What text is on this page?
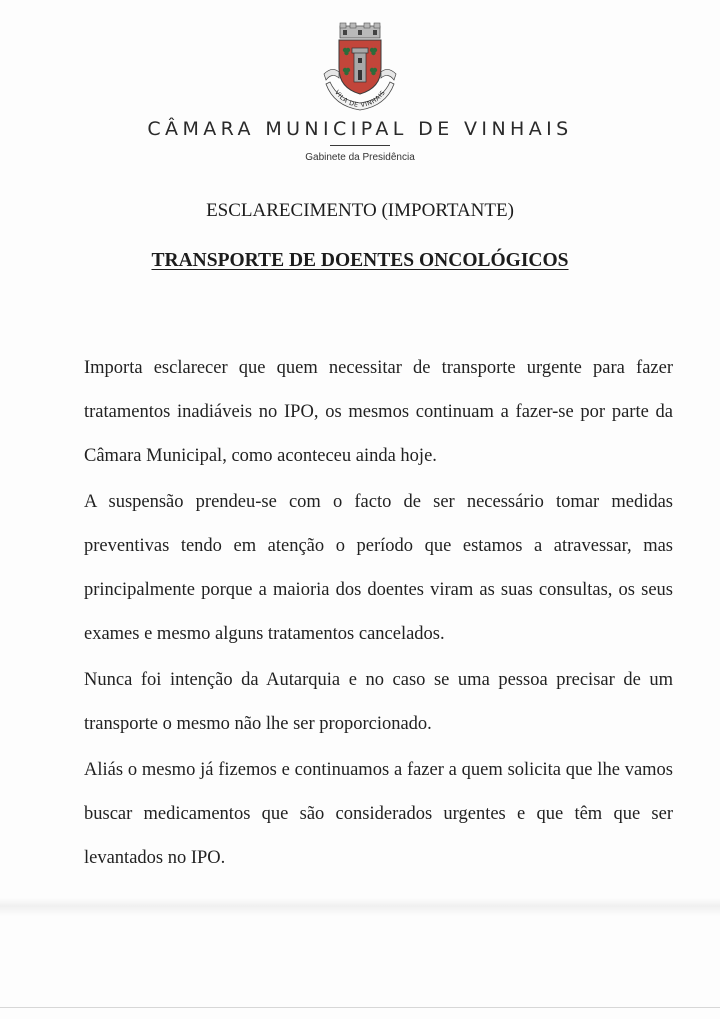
VILA DE VINHAIS
CÂMARA MUNICIPAL DE VINHAIS
Gabinete da Presidência
ESCLARECIMENTO (IMPORTANTE)
TRANSPORTE DE DOENTES ONCOLÓGICOS

Importa esclarecer que quem necessitar de transporte urgente para fazer tratamentos inadiáveis no IPO, os mesmos continuam a fazer-se por parte da Câmara Municipal, como aconteceu ainda hoje.

A suspensão prendeu-se com o facto de ser necessário tomar medidas preventivas tendo em atenção o período que estamos a atravessar, mas principalmente porque a maioria dos doentes viram as suas consultas, os seus exames e mesmo alguns tratamentos cancelados.

Nunca foi intenção da Autarquia e no caso se uma pessoa precisar de um transporte o mesmo não lhe ser proporcionado.

Aliás o mesmo já fizemos e continuamos a fazer a quem solicita que lhe vamos buscar medicamentos que são considerados urgentes e que têm que ser levantados no IPO.
